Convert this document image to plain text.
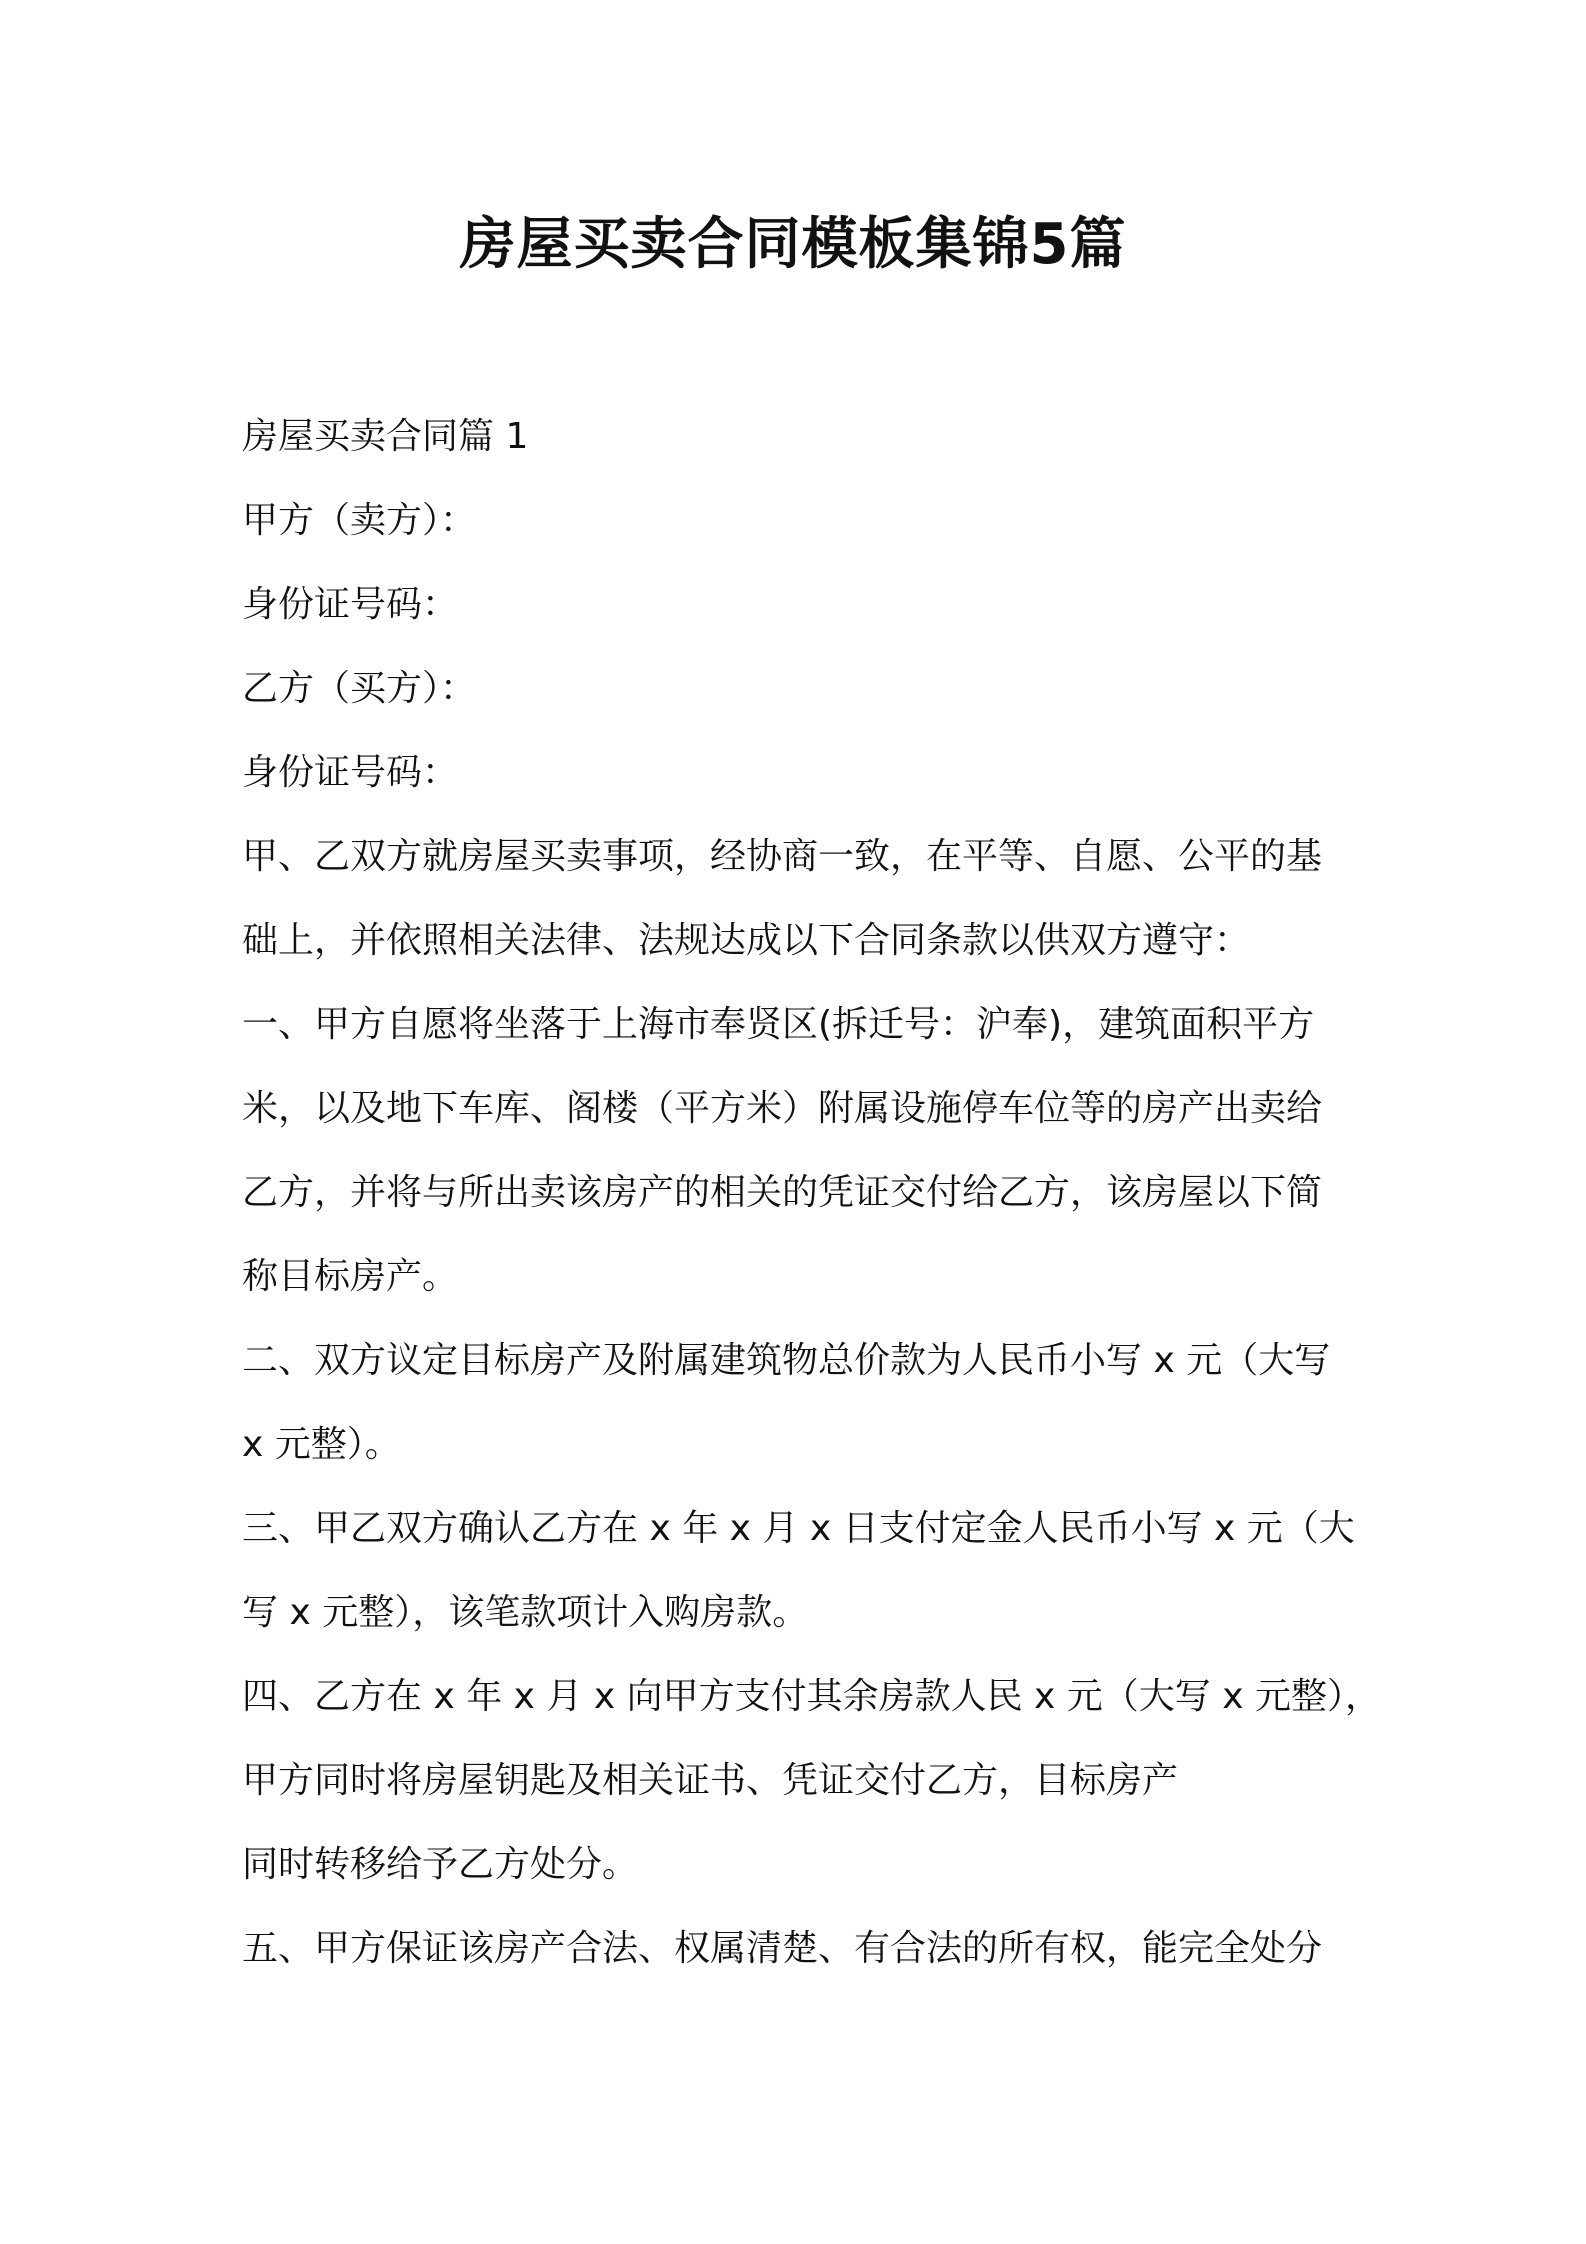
房屋买卖合同模板集锦5篇
房屋买卖合同篇 1
甲方（卖方）：
身份证号码：
乙方（买方）：
身份证号码：
甲、乙双方就房屋买卖事项，经协商一致，在平等、自愿、公平的基
础上，并依照相关法律、法规达成以下合同条款以供双方遵守：
一、甲方自愿将坐落于上海市奉贤区(拆迁号：沪奉)，建筑面积平方
米，以及地下车库、阁楼（平方米）附属设施停车位等的房产出卖给
乙方，并将与所出卖该房产的相关的凭证交付给乙方，该房屋以下简
称目标房产。
二、双方议定目标房产及附属建筑物总价款为人民币小写 x 元（大写
x 元整）。
三、甲乙双方确认乙方在 x 年 x 月 x 日支付定金人民币小写 x 元（大
写 x 元整），该笔款项计入购房款。
四、乙方在 x 年 x 月 x 向甲方支付其余房款人民 x 元（大写 x 元整），
甲方同时将房屋钥匙及相关证书、凭证交付乙方，目标房产
同时转移给予乙方处分。
五、甲方保证该房产合法、权属清楚、有合法的所有权，能完全处分
